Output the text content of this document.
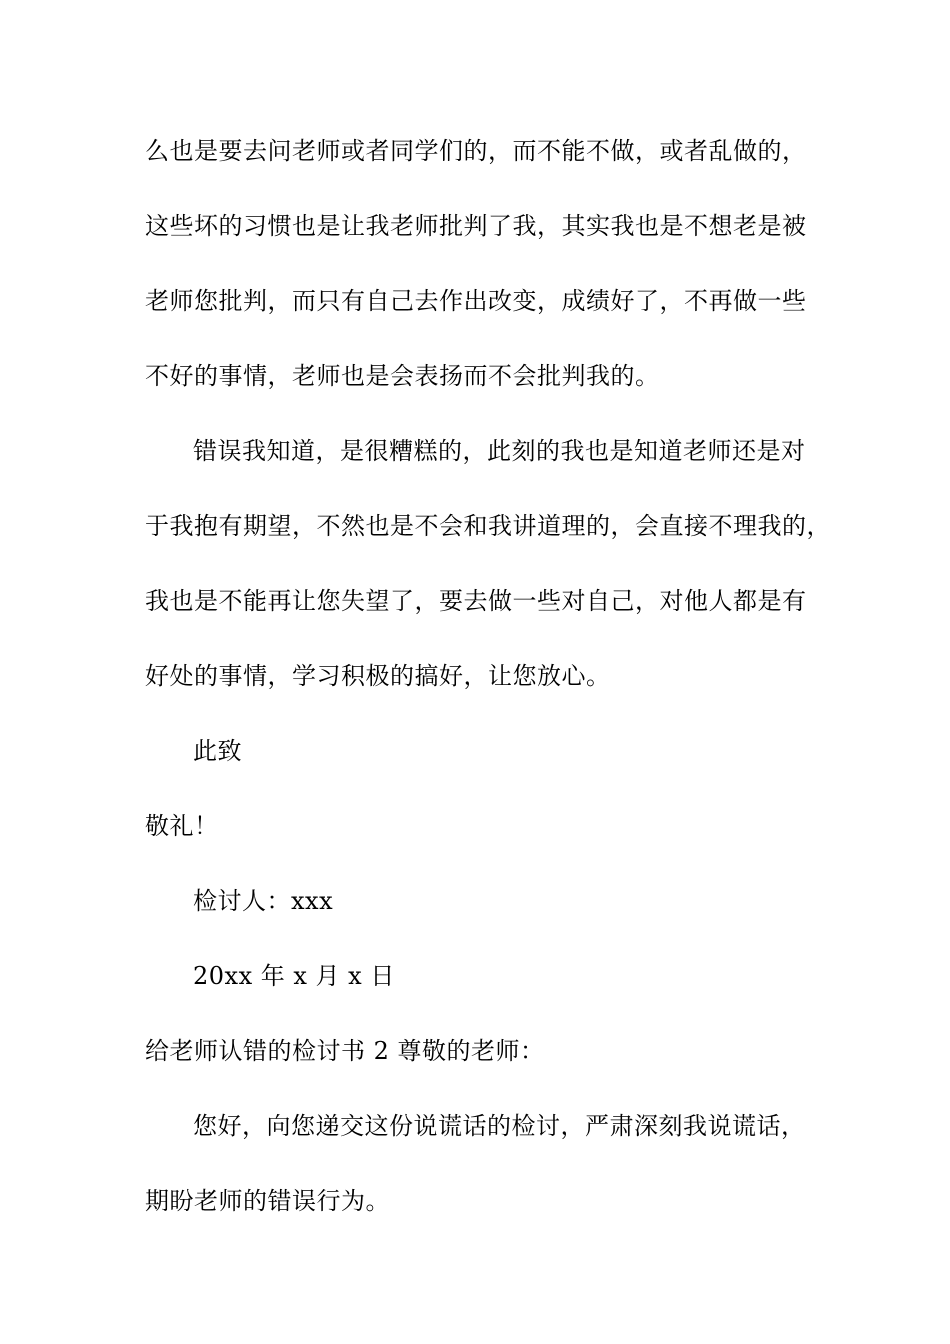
么也是要去问老师或者同学们的，而不能不做，或者乱做的，
这些坏的习惯也是让我老师批判了我，其实我也是不想老是被
老师您批判，而只有自己去作出改变，成绩好了，不再做一些
不好的事情，老师也是会表扬而不会批判我的。
错误我知道，是很糟糕的，此刻的我也是知道老师还是对
于我抱有期望，不然也是不会和我讲道理的，会直接不理我的，
我也是不能再让您失望了，要去做一些对自己，对他人都是有
好处的事情，学习积极的搞好，让您放心。
此致
敬礼！
检讨人：xxx
20xx 年 x 月 x 日
给老师认错的检讨书 2 尊敬的老师：
您好，向您递交这份说谎话的检讨，严肃深刻我说谎话，
期盼老师的错误行为。
